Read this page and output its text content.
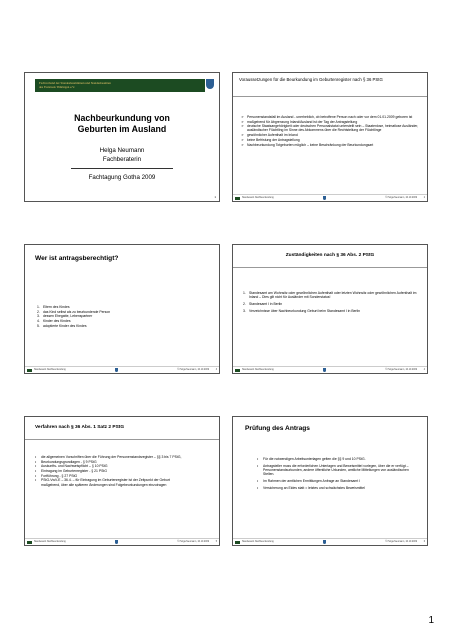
Fachverband der Standesbeamtinnen und Standesbeamten
des Freistaats Thüringen e.V.
Nachbeurkundung von Geburten im Ausland
Helga Neumann
Fachberaterin
Fachtagung Gotha 2009
1
Voraussetzungen für die Beurkundung im Geburtenregister nach § 36 PStG
➢ Personenstandsfall im Ausland - unerheblich, ob betroffene Person nach oder vor dem 01.01.2009 geboren ist
➢ maßgebend für Abgrenzung Inland/Ausland ist der Tag der Antragstellung
➢ deutsche Staatsangehörigkeit oder deutschen Personalstatut unterstellt sein – Staatenlose, heimatlose Ausländer, ausländischer Flüchtling im Sinne des Abkommens über die Rechtstellung der Flüchtlinge
➢ gewöhnlicher Aufenthalt im Inland
➢ keine Befristung der Antragstellung
➢ Nachbeurkundung Totgeburten möglich – keine Beschränkung der Beurkundungsart
Standesamt Nachbeurkundung	© Helga Neumann, 10.10.2009	2
Wer ist antragsberechtigt?
1. Eltern des Kindes
2. das Kind selbst als zu beurkundende Person
3. dessen Ehegatte, Lebenspartner
4. Kinder des Kindes
5. adoptierte Kinder des Kindes
Standesamt Nachbeurkundung	© Helga Neumann, 10.10.2009	3
Zuständigkeiten nach § 36 Abs. 2 PStG
1. Standesamt am Wohnsitz oder gewöhnlichen Aufenthalt oder letzten Wohnsitz oder gewöhnlichen Aufenthalt im Inland – Dies gilt nicht für Ausländer mit Sonderstatus!
2. Standesamt I in Berlin
3. Verzeichnisse über Nachbeurkundung Geburt beim Standesamt I in Berlin
Standesamt Nachbeurkundung	© Helga Neumann, 10.10.2009	4
Verfahren nach § 36 Abs. 1 Satz 2 PStG
• die allgemeinen Vorschriften über die Führung der Personenstandsregister – §§ 3 bis 7 PStG,
• Beurkundungsgrundlagen - § 9 PStG
• Auskunfts- und Nachweispflicht – § 10 PStG
• Eintragung im Geburtenregister - § 21 PStG
• Fortführung - § 27 PStG
• PStG-VwV-E – 36.4. – für Eintragung im Geburtenregister ist der Zeitpunkt der Geburt maßgebend, über alle späteren Änderungen sind Folgebeurkundungen einzutragen
Standesamt Nachbeurkundung	© Helga Neumann, 10.10.2009	5
Prüfung des Antrags
• Für die notwendigen Arbeitsunterlagen gelten die §§ 9 und 10 PStG.
• Antragsteller muss die erforderlichen Unterlagen und Beweismittel vorlegen, über die er verfügt – Personenstandsurkunden, andere öffentliche Urkunden, amtliche Mitteilungen von ausländischen Stellen.
• Im Rahmen der amtlichen Ermittlungen Anfrage an Standesamt I
• Versicherung an Eides statt = letztes und schwächstes Beweismittel
Standesamt Nachbeurkundung	© Helga Neumann, 10.10.2009	6
1
